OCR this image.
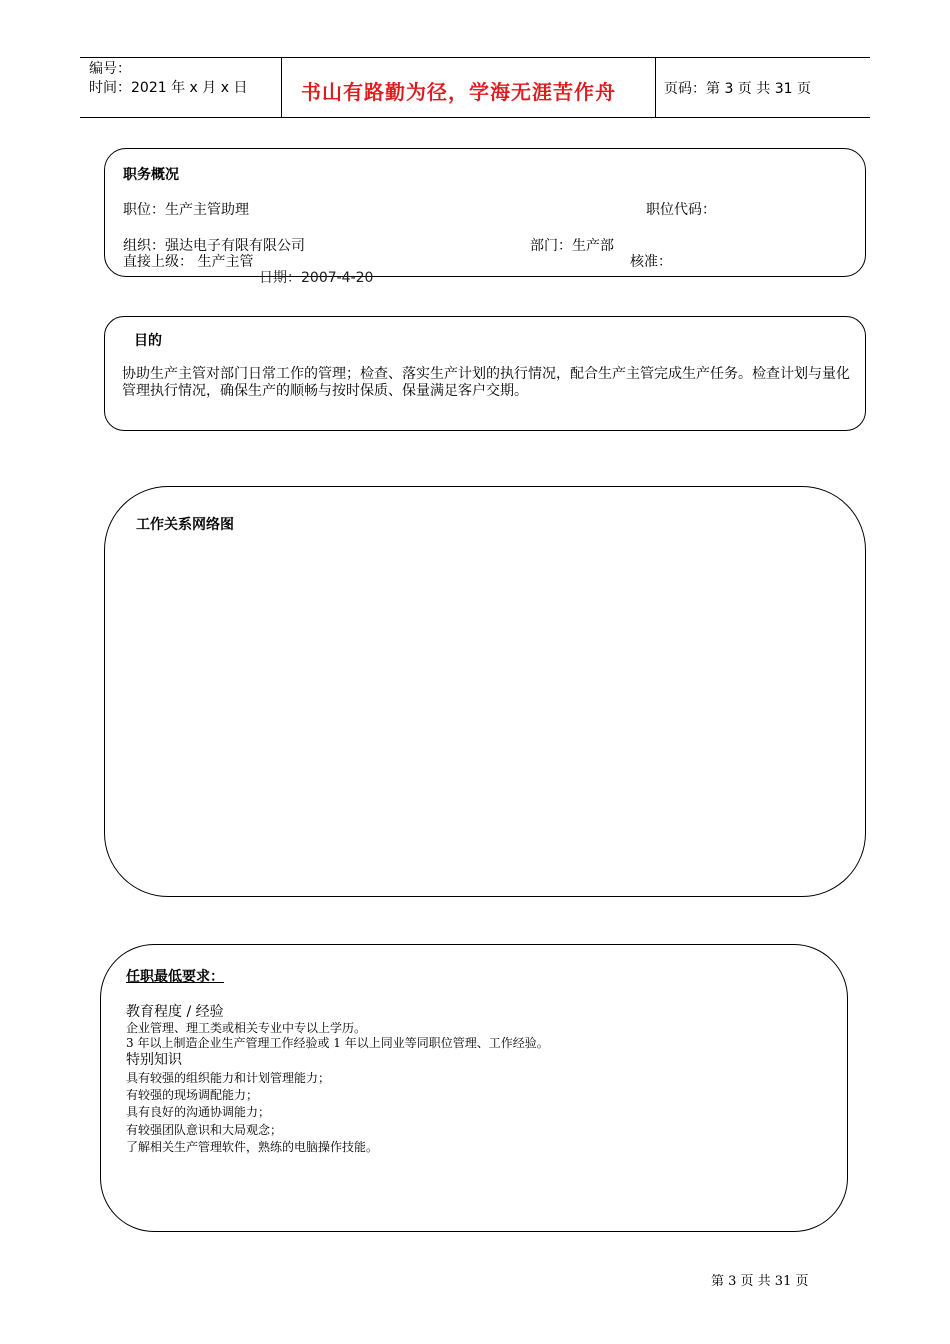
编号：
时间：2021 年 x 月 x 日	书山有路勤为径，学海无涯苦作舟	页码：第 3 页 共 31 页
职务概况
职位：生产主管助理	职位代码：
组织：强达电子有限有限公司	部门：生产部
直接上级： 生产主管	核准：
日期：2007-4-20
目的
协助生产主管对部门日常工作的管理；检查、落实生产计划的执行情况，配合生产主管完成生产任务。检查计划与量化管理执行情况，确保生产的顺畅与按时保质、保量满足客户交期。
工作关系网络图
任职最低要求：
教育程度 / 经验
企业管理、理工类或相关专业中专以上学历。
3 年以上制造企业生产管理工作经验或 1 年以上同业等同职位管理、工作经验。
特别知识
具有较强的组织能力和计划管理能力；
有较强的现场调配能力；
具有良好的沟通协调能力；
有较强团队意识和大局观念；
了解相关生产管理软件，熟练的电脑操作技能。
第 3 页 共 31 页
